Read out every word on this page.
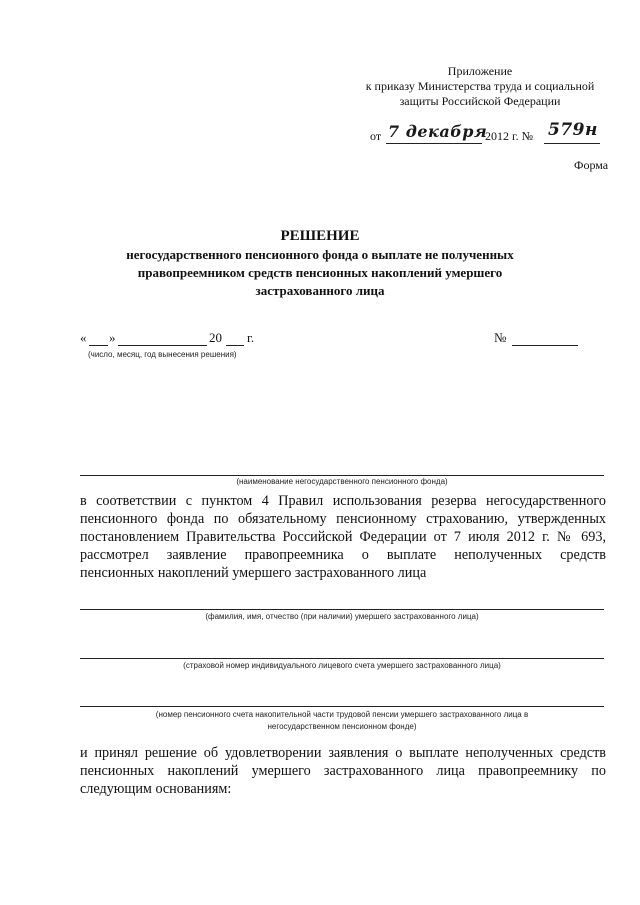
Приложение
к приказу Министерства труда и социальной
защиты Российской Федерации
от 7 декабря
2012 г. № 579н
Форма
РЕШЕНИЕ
негосударственного пенсионного фонда о выплате не полученных
правопреемником средств пенсионных накоплений умершего
застрахованного лица
« »	20 г.
(число, месяц, год вынесения решения)
№
(наименование негосударственного пенсионного фонда)
в соответствии с пунктом 4 Правил использования резерва негосударственного
пенсионного фонда по обязательному пенсионному страхованию, утвержденных
постановлением Правительства Российской Федерации от 7 июля 2012 г. № 693,
рассмотрел заявление правопреемника о выплате неполученных средств
пенсионных накоплений умершего застрахованного лица
(фамилия, имя, отчество (при наличии) умершего застрахованного лица)
(страховой номер индивидуального лицевого счета умершего застрахованного лица)
(номер пенсионного счета накопительной части трудовой пенсии умершего застрахованного лица в
негосударственном пенсионном фонде)
и принял решение об удовлетворении заявления о выплате неполученных средств
пенсионных накоплений умершего застрахованного лица правопреемнику по
следующим основаниям:
